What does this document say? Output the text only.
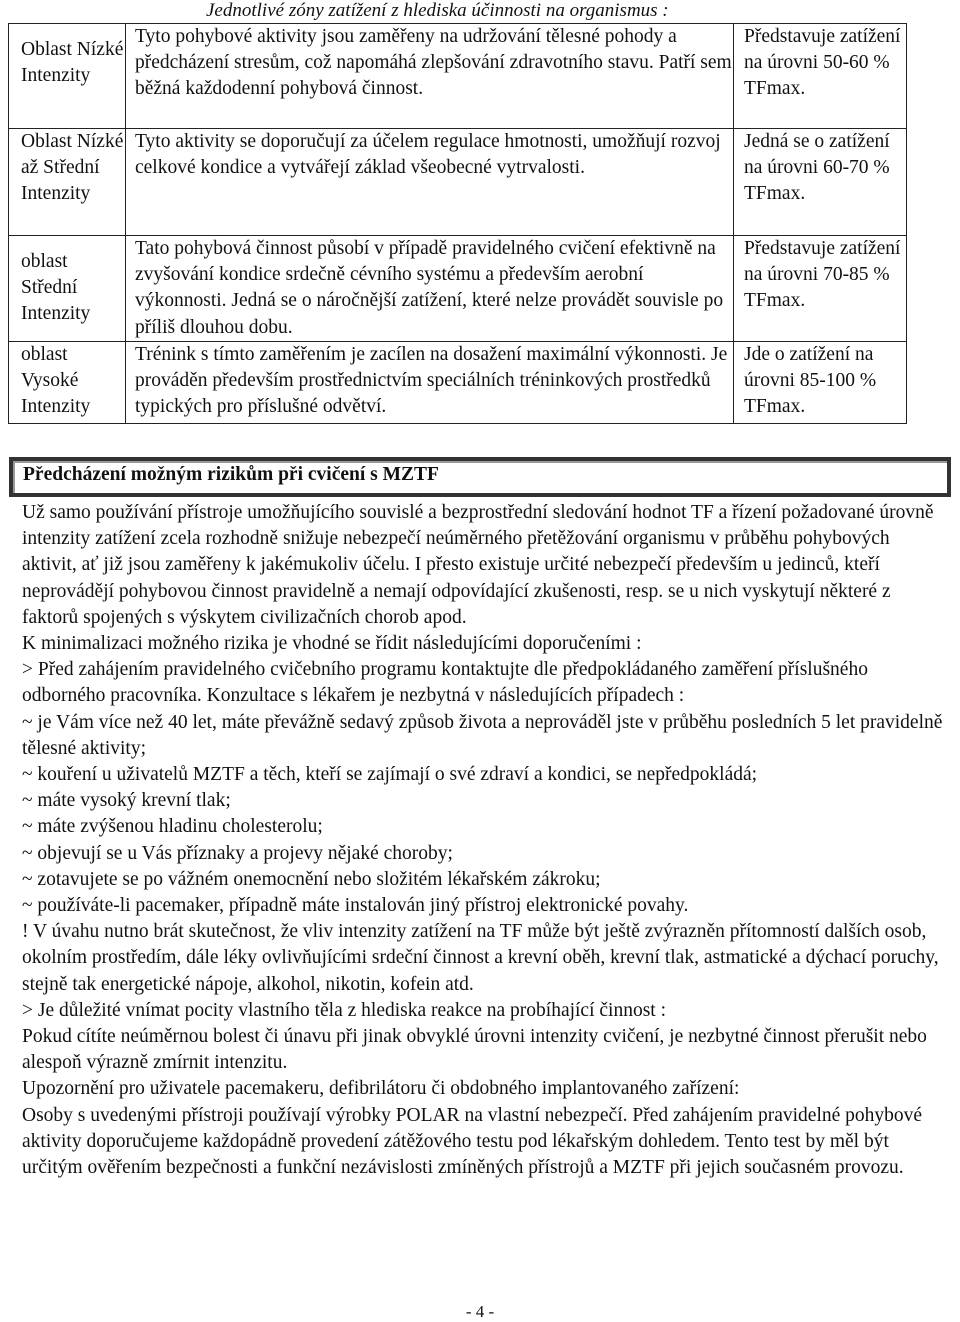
Jednotlivé zóny zatížení z hlediska účinnosti na organismus :
Oblast Nízké Intenzity	Tyto pohybové aktivity jsou zaměřeny na udržování tělesné pohody a předcházení stresům, což napomáhá zlepšování zdravotního stavu. Patří sem běžná každodenní pohybová činnost.	Představuje zatížení na úrovni 50-60 % TFmax.
Oblast Nízké až Střední Intenzity	Tyto aktivity se doporučují za účelem regulace hmotnosti, umožňují rozvoj celkové kondice a vytvářejí základ všeobecné vytrvalosti.	Jedná se o zatížení na úrovni 60-70 % TFmax.
oblast Střední Intenzity	Tato pohybová činnost působí v případě pravidelného cvičení efektivně na zvyšování kondice srdečně cévního systému a především aerobní výkonnosti. Jedná se o náročnější zatížení, které nelze provádět souvisle po příliš dlouhou dobu.	Představuje zatížení na úrovni 70-85 % TFmax.
oblast Vysoké Intenzity	Trénink s tímto zaměřením je zacílen na dosažení maximální výkonnosti. Je prováděn především prostřednictvím speciálních tréninkových prostředků typických pro příslušné odvětví.	Jde o zatížení na úrovni 85-100 % TFmax.
Předcházení možným rizikům při cvičení s MZTF

Už samo používání přístroje umožňujícího souvislé a bezprostřední sledování hodnot TF a řízení požadované úrovně intenzity zatížení zcela rozhodně snižuje nebezpečí neúměrného přetěžování organismu v průběhu pohybových aktivit, ať již jsou zaměřeny k jakémukoliv účelu. I přesto existuje určité nebezpečí především u jedinců, kteří neprovádějí pohybovou činnost pravidelně a nemají odpovídající zkušenosti, resp. se u nich vyskytují některé z faktorů spojených s výskytem civilizačních chorob apod.

K minimalizaci možného rizika je vhodné se řídit následujícími doporučeními :

> Před zahájením pravidelného cvičebního programu kontaktujte dle předpokládaného zaměření příslušného odborného pracovníka. Konzultace s lékařem je nezbytná v následujících případech :

~ je Vám více než 40 let, máte převážně sedavý způsob života a neprováděl jste v průběhu posledních 5 let pravidelně tělesné aktivity;

~ kouření u uživatelů MZTF a těch, kteří se zajímají o své zdraví a kondici, se nepředpokládá;

~ máte vysoký krevní tlak;

~ máte zvýšenou hladinu cholesterolu;

~ objevují se u Vás příznaky a projevy nějaké choroby;

~ zotavujete se po vážném onemocnění nebo složitém lékařském zákroku;

~ používáte-li pacemaker, případně máte instalován jiný přístroj elektronické povahy.

! V úvahu nutno brát skutečnost, že vliv intenzity zatížení na TF může být ještě zvýrazněn přítomností dalších osob, okolním prostředím, dále léky ovlivňujícími srdeční činnost a krevní oběh, krevní tlak, astmatické a dýchací poruchy, stejně tak energetické nápoje, alkohol, nikotin, kofein atd.

> Je důležité vnímat pocity vlastního těla z hlediska reakce na probíhající činnost :

Pokud cítíte neúměrnou bolest či únavu při jinak obvyklé úrovni intenzity cvičení, je nezbytné činnost přerušit nebo alespoň výrazně zmírnit intenzitu.

Upozornění pro uživatele pacemakeru, defibrilátoru či obdobného implantovaného zařízení:

Osoby s uvedenými přístroji používají výrobky POLAR na vlastní nebezpečí. Před zahájením pravidelné pohybové aktivity doporučujeme každopádně provedení zátěžového testu pod lékařským dohledem. Tento test by měl být určitým ověřením bezpečnosti a funkční nezávislosti zmíněných přístrojů a MZTF při jejich současném provozu.

- 4 -
